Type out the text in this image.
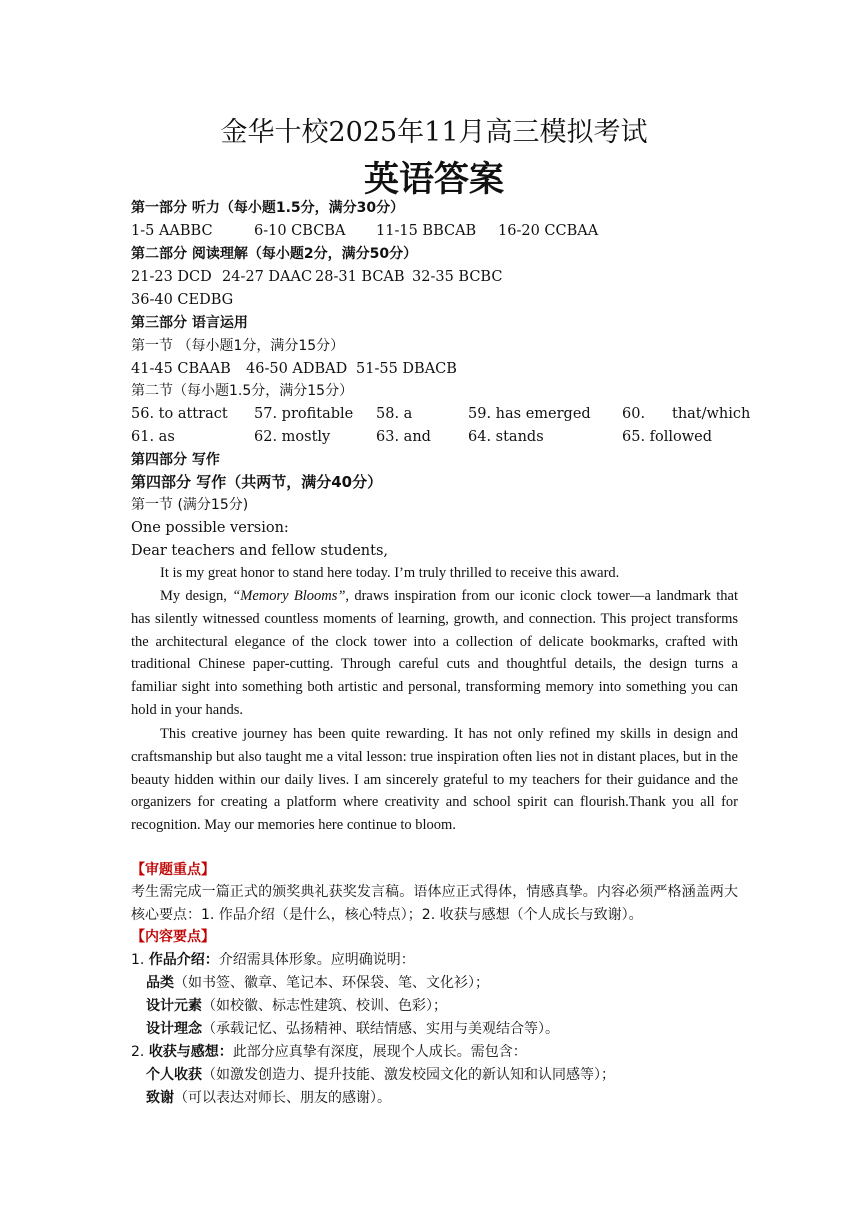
金华十校2025年11月高三模拟考试
英语答案
第一部分 听力（每小题1.5分，满分30分）
1-5 AABBC	6-10 CBCBA 11-15 BBCAB 16-20 CCBAA
第二部分 阅读理解（每小题2分，满分50分）
21-23 DCD 24-27 DAAC 28-31 BCAB 32-35 BCBC
36-40 CEDBG
第三部分 语言运用
第一节 （每小题1分，满分15分）
41-45 CBAAB 46-50 ADBAD 51-55 DBACB
第二节（每小题1.5分，满分15分）
56. to attract 57. profitable 58. a	59. has emerged 60. that/which
61. as	62. mostly	63. and	64. stands	65. followed
第四部分 写作
第四部分 写作（共两节，满分40分）
第一节 (满分15分)
One possible version:
Dear teachers and fellow students,
It is my great honor to stand here today. I’m truly thrilled to receive this award.
My design, “Memory Blooms”, draws inspiration from our iconic clock tower—a landmark that has silently witnessed countless moments of learning, growth, and connection. This project transforms the architectural elegance of the clock tower into a collection of delicate bookmarks, crafted with traditional Chinese paper-cutting. Through careful cuts and thoughtful details, the design turns a familiar sight into something both artistic and personal, transforming memory into something you can hold in your hands.
This creative journey has been quite rewarding. It has not only refined my skills in design and craftsmanship but also taught me a vital lesson: true inspiration often lies not in distant places, but in the beauty hidden within our daily lives. I am sincerely grateful to my teachers for their guidance and the organizers for creating a platform where creativity and school spirit can flourish.Thank you all for recognition. May our memories here continue to bloom.
【审题重点】
考生需完成一篇正式的颁奖典礼获奖发言稿。语体应正式得体，情感真挚。内容必须严格涵盖两大核心要点：1. 作品介绍（是什么，核心特点）；2. 收获与感想（个人成长与致谢）。
【内容要点】
1. 作品介绍：介绍需具体形象。应明确说明：
品类（如书签、徽章、笔记本、环保袋、笔、文化衫）；
设计元素（如校徽、标志性建筑、校训、色彩）；
设计理念（承载记忆、弘扬精神、联结情感、实用与美观结合等）。
2. 收获与感想：此部分应真挚有深度，展现个人成长。需包含：
个人收获（如激发创造力、提升技能、激发校园文化的新认知和认同感等）；
致谢（可以表达对师长、朋友的感谢）。
